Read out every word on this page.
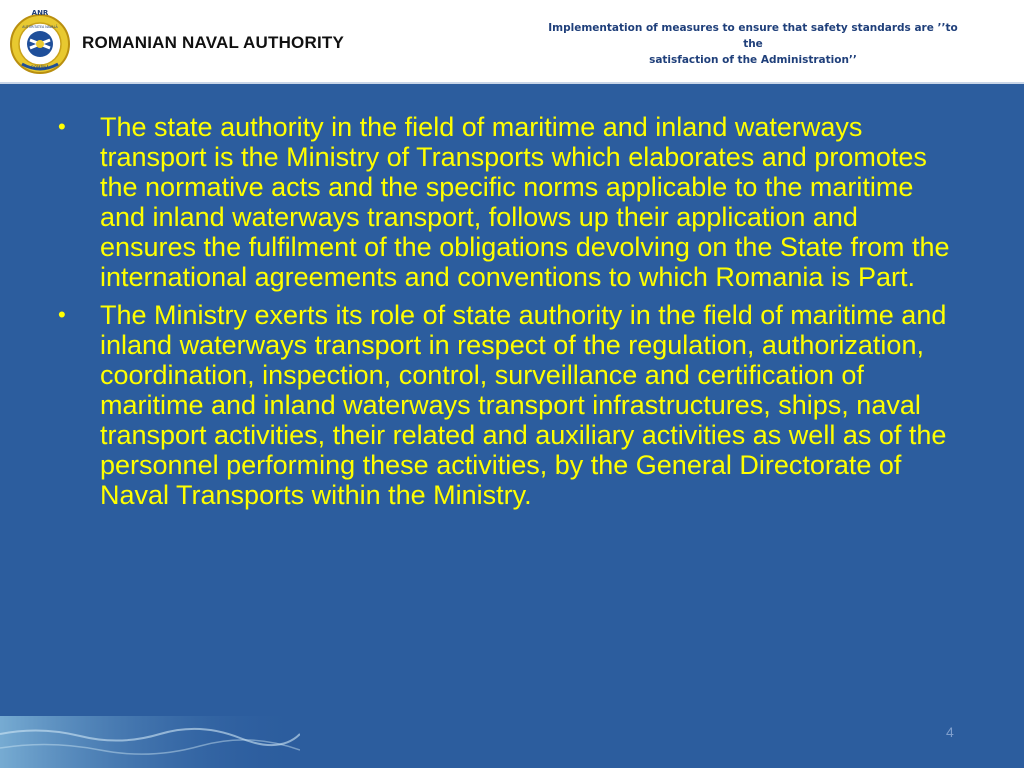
ANR
AUTORITATEA NAVALĂ
ROMÂNĂ
ROMANIAN NAVAL AUTHORITY
Implementation of measures to ensure that safety standards are ’’to the
satisfaction of the Administration’’
• The state authority in the field of maritime and inland waterways transport is the Ministry of Transports which elaborates and promotes the normative acts and the specific norms applicable to the maritime and inland waterways transport, follows up their application and ensures the fulfilment of the obligations devolving on the State from the international agreements and conventions to which Romania is Part.
• The Ministry exerts its role of state authority in the field of maritime and inland waterways transport in respect of the regulation, authorization, coordination, inspection, control, surveillance and certification of maritime and inland waterways transport infrastructures, ships, naval transport activities, their related and auxiliary activities as well as of the personnel performing these activities, by the General Directorate of Naval Transports within the Ministry.
4
